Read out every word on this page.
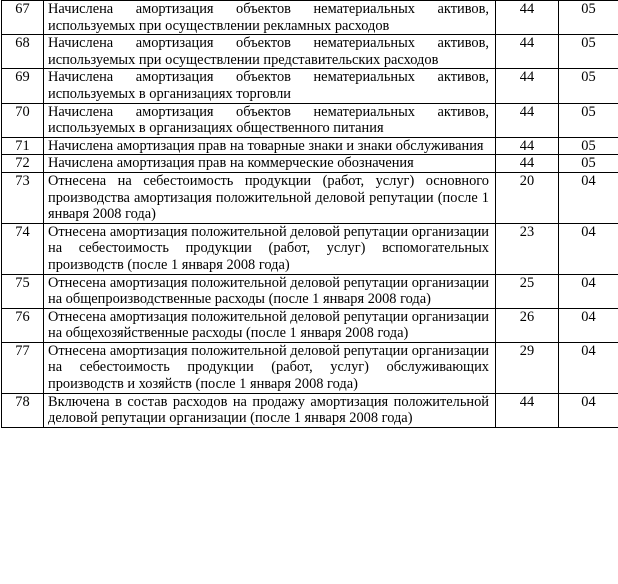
67	Начислена амортизация объектов нематериальных активов, используемых при осуществлении рекламных расходов	44	05
68	Начислена амортизация объектов нематериальных активов, используемых при осуществлении представительских расходов	44	05
69	Начислена амортизация объектов нематериальных активов, используемых в организациях торговли	44	05
70	Начислена амортизация объектов нематериальных активов, используемых в организациях общественного питания	44	05
71	Начислена амортизация прав на товарные знаки и знаки обслуживания	44	05
72	Начислена амортизация прав на коммерческие обозначения	44	05
73	Отнесена на себестоимость продукции (работ, услуг) основного производства амортизация положительной деловой репутации (после 1 января 2008 года)	20	04
74	Отнесена амортизация положительной деловой репутации организации на себестоимость продукции (работ, услуг) вспомогательных производств (после 1 января 2008 года)	23	04
75	Отнесена амортизация положительной деловой репутации организации на общепроизводственные расходы (после 1 января 2008 года)	25	04
76	Отнесена амортизация положительной деловой репутации организации на общехозяйственные расходы (после 1 января 2008 года)	26	04
77	Отнесена амортизация положительной деловой репутации организации на себестоимость продукции (работ, услуг) обслуживающих производств и хозяйств (после 1 января 2008 года)	29	04
78	Включена в состав расходов на продажу амортизация положительной деловой репутации организации (после 1 января 2008 года)	44	04
